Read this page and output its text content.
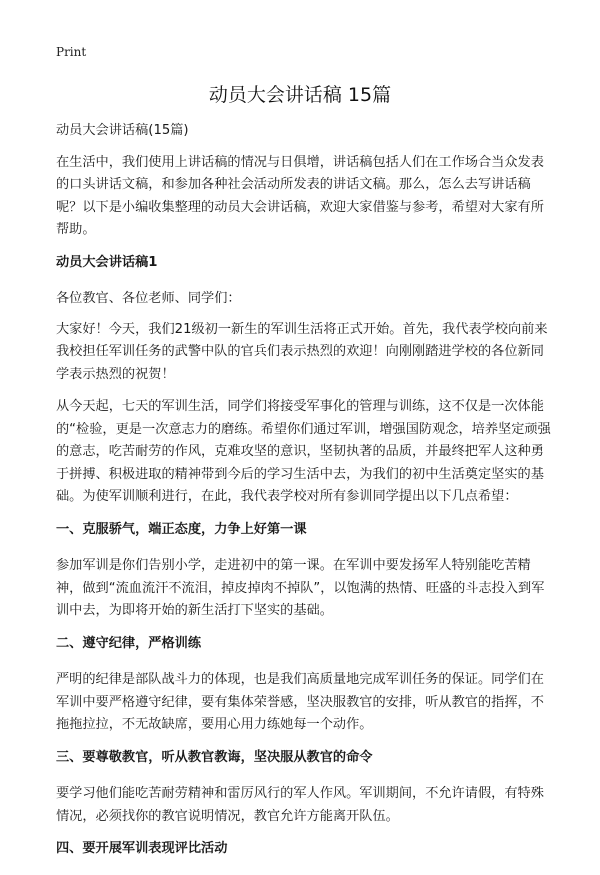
Print
动员大会讲话稿 15篇

动员大会讲话稿(15篇)

在生活中，我们使用上讲话稿的情况与日俱增，讲话稿包括人们在工作场合当众发表的口头讲话文稿，和参加各种社会活动所发表的讲话文稿。那么，怎么去写讲话稿呢？以下是小编收集整理的动员大会讲话稿，欢迎大家借鉴与参考，希望对大家有所帮助。

动员大会讲话稿1

各位教官、各位老师、同学们：

大家好！今天，我们21级初一新生的军训生活将正式开始。首先，我代表学校向前来我校担任军训任务的武警中队的官兵们表示热烈的欢迎！向刚刚踏进学校的各位新同学表示热烈的祝贺！

从今天起，七天的军训生活，同学们将接受军事化的管理与训练，这不仅是一次体能的“检验，更是一次意志力的磨练。希望你们通过军训，增强国防观念，培养坚定顽强的意志，吃苦耐劳的作风，克难攻坚的意识，坚韧执著的品质，并最终把军人这种勇于拼搏、积极进取的精神带到今后的学习生活中去，为我们的初中生活奠定坚实的基础。为使军训顺利进行，在此，我代表学校对所有参训同学提出以下几点希望：

一、克服骄气，端正态度，力争上好第一课

参加军训是你们告别小学，走进初中的第一课。在军训中要发扬军人特别能吃苦精神，做到“流血流汗不流泪，掉皮掉肉不掉队”，以饱满的热情、旺盛的斗志投入到军训中去，为即将开始的新生活打下坚实的基础。

二、遵守纪律，严格训练

严明的纪律是部队战斗力的体现，也是我们高质量地完成军训任务的保证。同学们在军训中要严格遵守纪律，要有集体荣誉感，坚决服教官的安排，听从教官的指挥，不拖拖拉拉，不无故缺席，要用心用力练她每一个动作。

三、要尊敬教官，听从教官教诲，坚决服从教官的命令

要学习他们能吃苦耐劳精神和雷厉风行的军人作风。军训期间，不允许请假，有特殊情况，必须找你的教官说明情况，教官允许方能离开队伍。

四、要开展军训表现评比活动
